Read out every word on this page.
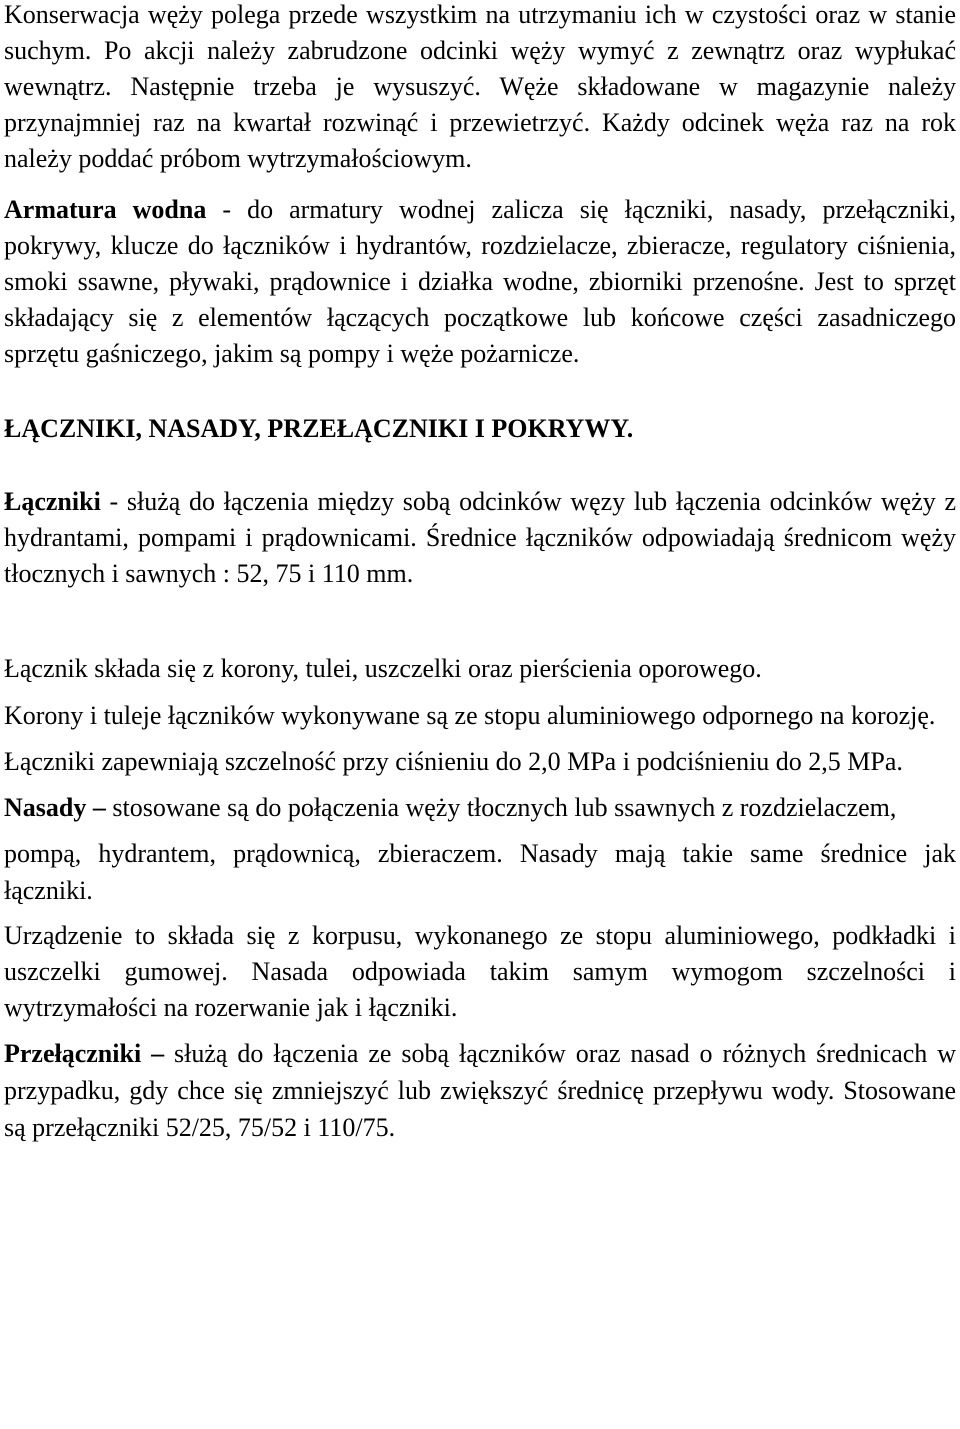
Konserwacja węży polega przede wszystkim na utrzymaniu ich w czystości oraz w stanie suchym. Po akcji należy zabrudzone odcinki węży wymyć z zewnątrz oraz wypłukać wewnątrz. Następnie trzeba je wysuszyć. Węże składowane w magazynie należy przynajmniej raz na kwartał rozwinąć i przewietrzyć. Każdy odcinek węża raz na rok należy poddać próbom wytrzymałościowym.

Armatura wodna - do armatury wodnej zalicza się łączniki, nasady, przełączniki, pokrywy, klucze do łączników i hydrantów, rozdzielacze, zbieracze, regulatory ciśnienia, smoki ssawne, pływaki, prądownice i działka wodne, zbiorniki przenośne. Jest to sprzęt składający się z elementów łączących początkowe lub końcowe części zasadniczego sprzętu gaśniczego, jakim są pompy i węże pożarnicze.

ŁĄCZNIKI, NASADY, PRZEŁĄCZNIKI I POKRYWY.

Łączniki - służą do łączenia między sobą odcinków węzy lub łączenia odcinków węży z hydrantami, pompami i prądownicami. Średnice łączników odpowiadają średnicom węży tłocznych i sawnych : 52, 75 i 110 mm.

Łącznik składa się z korony, tulei, uszczelki oraz pierścienia oporowego.

Korony i tuleje łączników wykonywane są ze stopu aluminiowego odpornego na korozję.

Łączniki zapewniają szczelność przy ciśnieniu do 2,0 MPa i podciśnieniu do 2,5 MPa.

Nasady – stosowane są do połączenia węży tłocznych lub ssawnych z rozdzielaczem,

pompą, hydrantem, prądownicą, zbieraczem. Nasady mają takie same średnice jak łączniki.

Urządzenie to składa się z korpusu, wykonanego ze stopu aluminiowego, podkładki i uszczelki gumowej. Nasada odpowiada takim samym wymogom szczelności i wytrzymałości na rozerwanie jak i łączniki.

Przełączniki – służą do łączenia ze sobą łączników oraz nasad o różnych średnicach w przypadku, gdy chce się zmniejszyć lub zwiększyć średnicę przepływu wody. Stosowane są przełączniki 52/25, 75/52 i 110/75.
